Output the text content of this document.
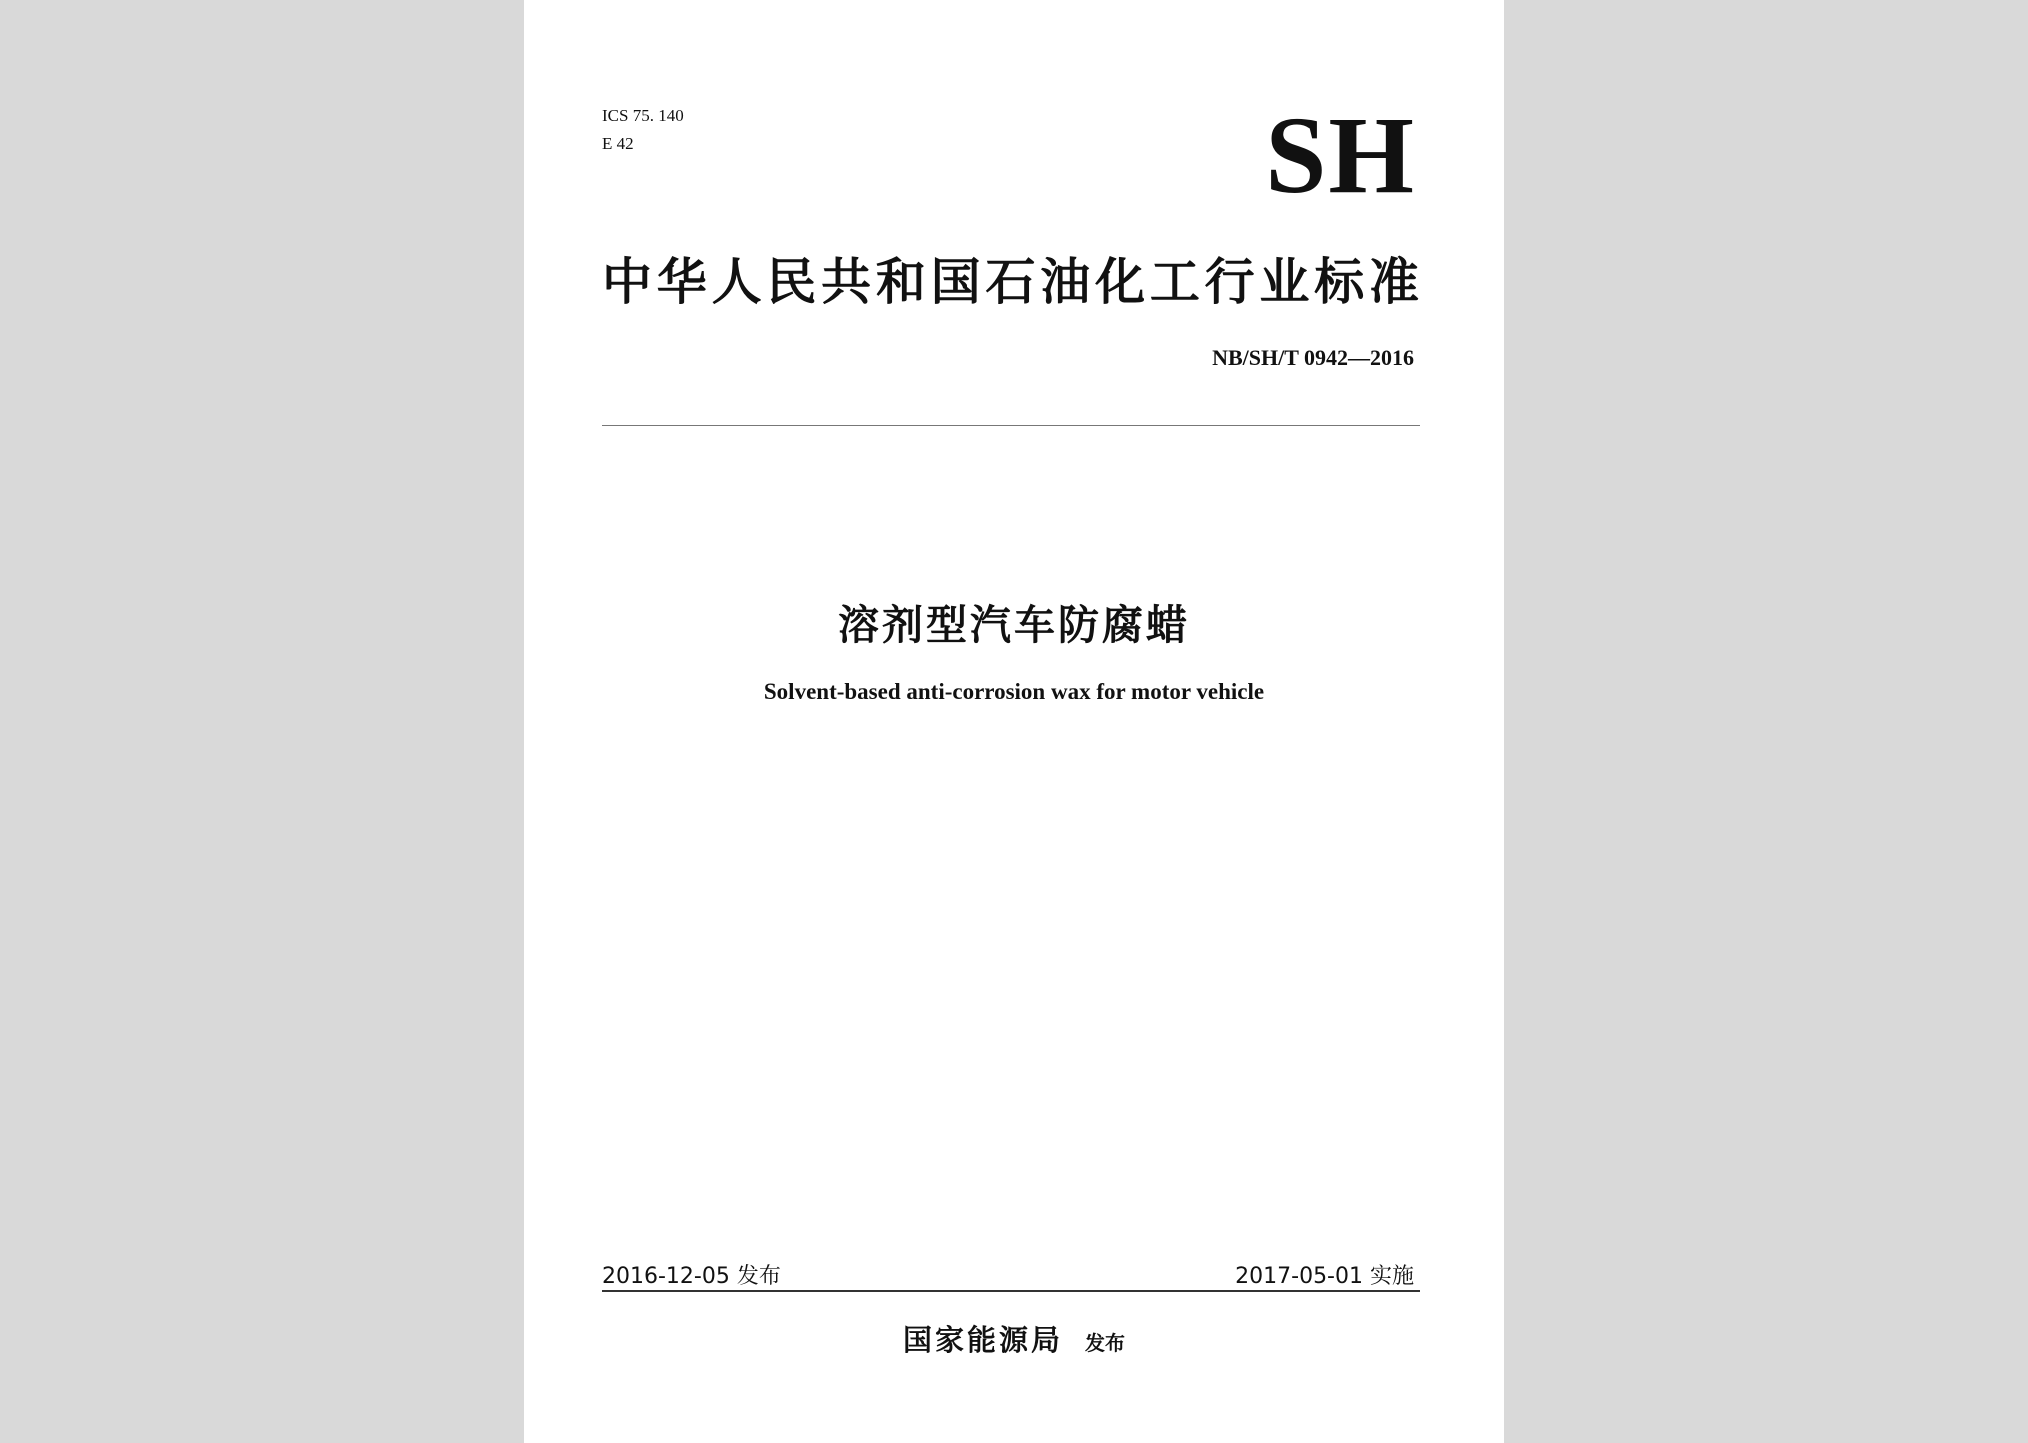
ICS 75. 140
E 42	SH
中华人民共和国石油化工行业标准
NB/SH/T 0942—2016
溶剂型汽车防腐蜡
Solvent-based anti-corrosion wax for motor vehicle
2016-12-05 发布	2017-05-01 实施
国家能源局 发布
